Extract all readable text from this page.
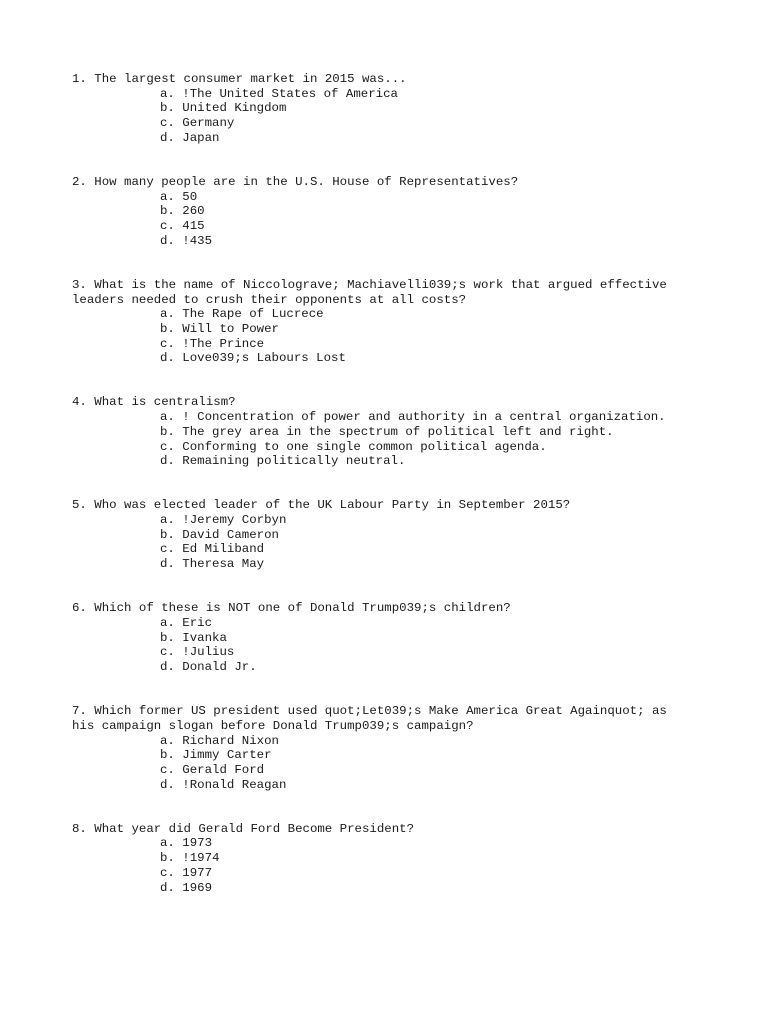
1. The largest consumer market in 2015 was...

a. !The United States of America
b. United Kingdom
c. Germany
d. Japan

2. How many people are in the U.S. House of Representatives?

a. 50
b. 260
c. 415
d. !435

3. What is the name of Niccolograve; Machiavelli039;s work that argued effective leaders needed to crush their opponents at all costs?

a. The Rape of Lucrece
b. Will to Power
c. !The Prince
d. Love039;s Labours Lost

4. What is centralism?

a. ! Concentration of power and authority in a central organization.
b. The grey area in the spectrum of political left and right.
c. Conforming to one single common political agenda.
d. Remaining politically neutral.

5. Who was elected leader of the UK Labour Party in September 2015?

a. !Jeremy Corbyn
b. David Cameron
c. Ed Miliband
d. Theresa May

6. Which of these is NOT one of Donald Trump039;s children?

a. Eric
b. Ivanka
c. !Julius
d. Donald Jr.

7. Which former US president used quot;Let039;s Make America Great Againquot; as his campaign slogan before Donald Trump039;s campaign?

a. Richard Nixon
b. Jimmy Carter
c. Gerald Ford
d. !Ronald Reagan

8. What year did Gerald Ford Become President?

a. 1973
b. !1974
c. 1977
d. 1969
